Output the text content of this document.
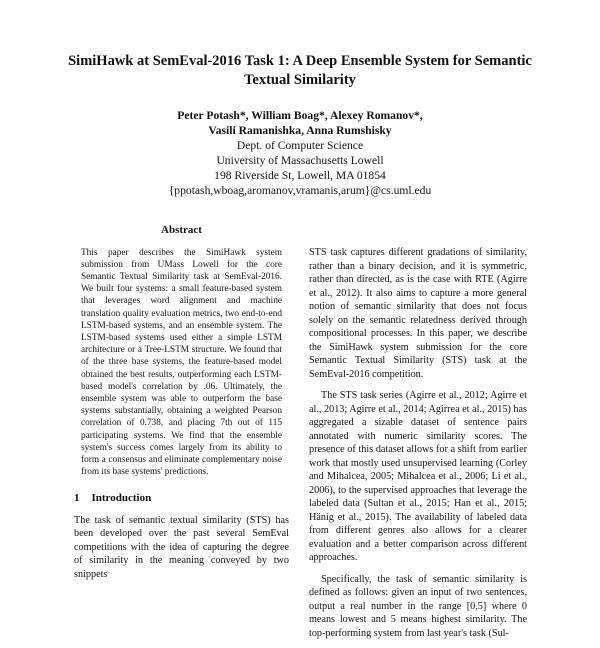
SimiHawk at SemEval-2016 Task 1: A Deep Ensemble System for Semantic
Textual Similarity
Peter Potash*, William Boag*, Alexey Romanov*,
Vasili Ramanishka, Anna Rumshisky
Dept. of Computer Science
University of Massachusetts Lowell
198 Riverside St, Lowell, MA 01854
{ppotash,wboag,aromanov,vramanis,arum}@cs.uml.edu
Abstract
This paper describes the SimiHawk system submission from UMass Lowell for the core Semantic Textual Similarity task at SemEval-2016. We built four systems: a small feature-based system that leverages word alignment and machine translation quality evaluation metrics, two end-to-end LSTM-based systems, and an ensemble system. The LSTM-based systems used either a simple LSTM architecture or a Tree-LSTM structure. We found that of the three base systems, the feature-based model obtained the best results, outperforming each LSTM-based model's correlation by .06. Ultimately, the ensemble system was able to outperform the base systems substantially, obtaining a weighted Pearson correlation of 0.738, and placing 7th out of 115 participating systems. We find that the ensemble system's success comes largely from its ability to form a consensus and eliminate complementary noise from its base systems' predictions.
1 Introduction

The task of semantic textual similarity (STS) has been developed over the past several SemEval competitions with the idea of capturing the degree of similarity in the meaning conveyed by two snippets

STS task captures different gradations of similarity, rather than a binary decision, and it is symmetric, rather than directed, as is the case with RTE (Agirre et al., 2012). It also aims to capture a more general notion of semantic similarity that does not focus solely on the semantic relatedness derived through compositional processes. In this paper, we describe the SimiHawk system submission for the core Semantic Textual Similarity (STS) task at the SemEval-2016 competition.

The STS task series (Agirre et al., 2012; Agirre et al., 2013; Agirre et al., 2014; Agirrea et al., 2015) has aggregated a sizable dataset of sentence pairs annotated with numeric similarity scores. The presence of this dataset allows for a shift from earlier work that mostly used unsupervised learning (Corley and Mihalcea, 2005; Mihalcea et al., 2006; Li et al., 2006), to the supervised approaches that leverage the labeled data (Sultan et al., 2015; Han et al., 2015; Hänig et al., 2015). The availability of labeled data from different genres also allows for a clearer evaluation and a better comparison across different approaches.

Specifically, the task of semantic similarity is defined as follows: given an input of two sentences, output a real number in the range [0,5] where 0 means lowest and 5 means highest similarity. The top-performing system from last year's task (Sul-
